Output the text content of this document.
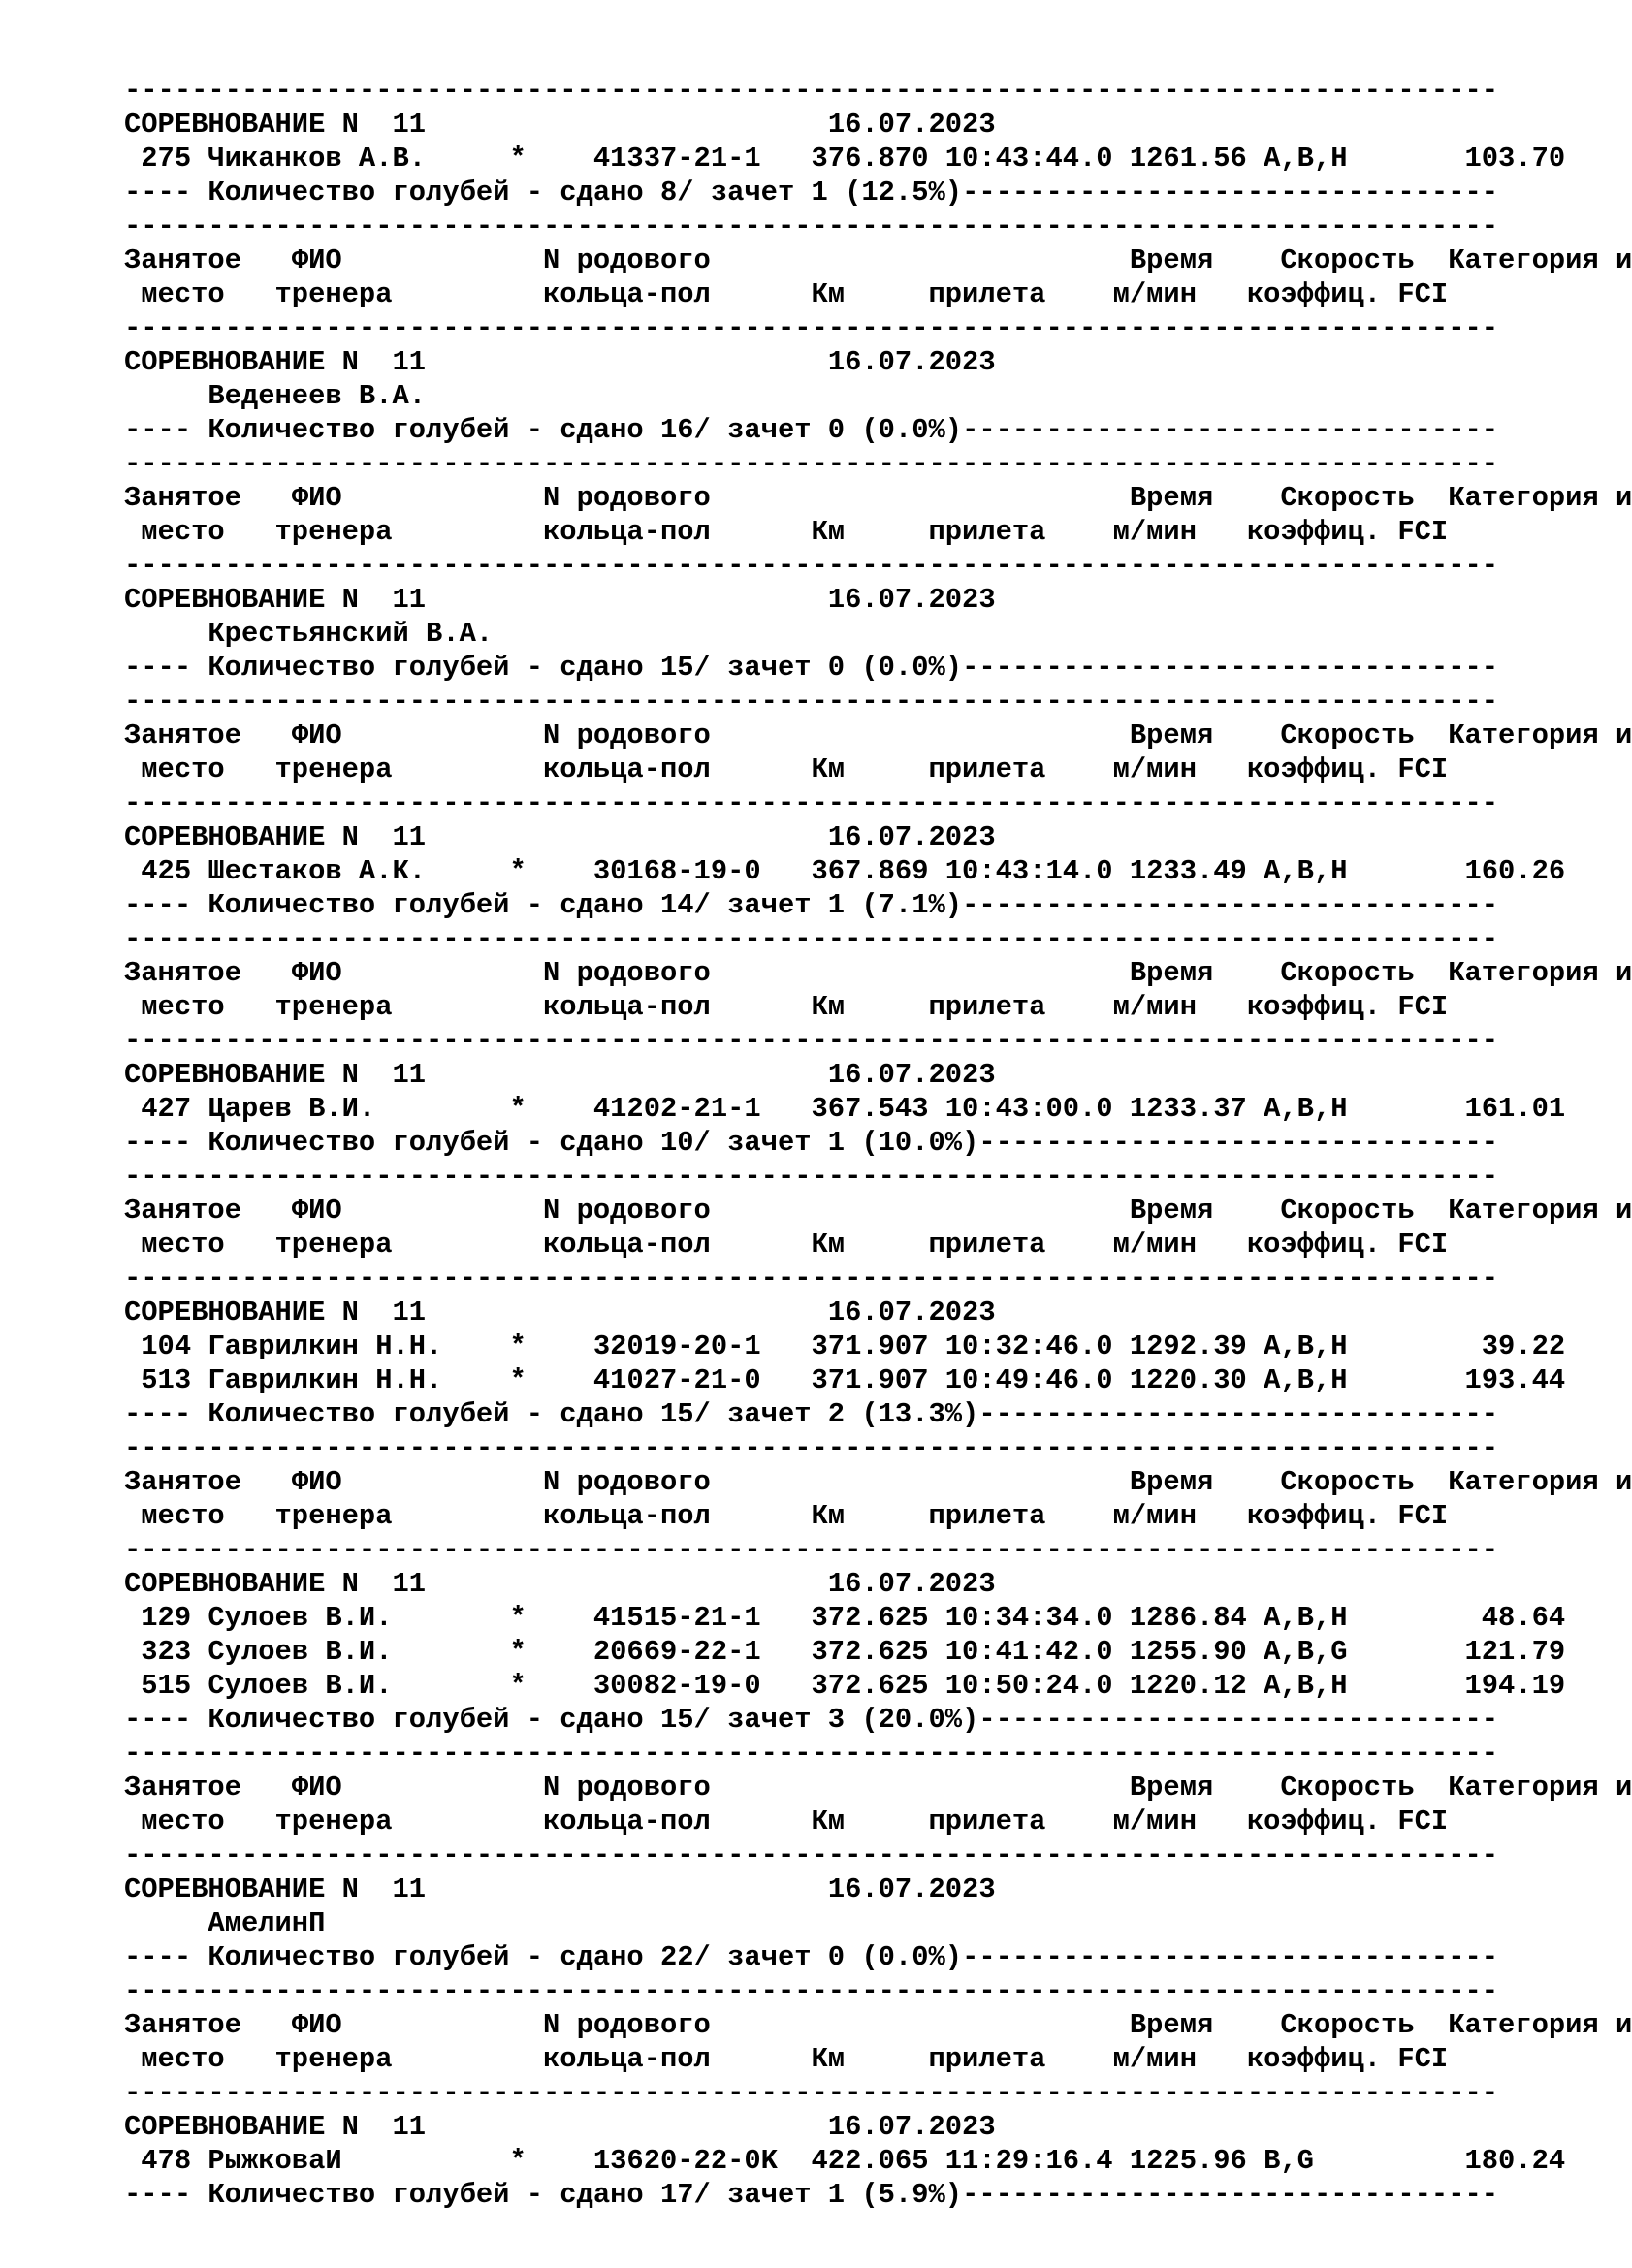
----------------------------------------------------------------------------------
СОРЕВНОВАНИЕ N  11	16.07.2023
275 Чиканков А.В.	* 41337-21-1 376.870 10:43:44.0 1261.56 A,B,H	103.70
---- Количество голубей - сдано 8/ зачет 1 (12.5%)--------------------------------
----------------------------------------------------------------------------------
Занятое ФИО	N родового	Время Скорость Категория и
место тренера	кольца-пол	Км	прилета м/мин коэффиц. FCI
----------------------------------------------------------------------------------
СОРЕВНОВАНИЕ N  11	16.07.2023
Веденеев В.А.
---- Количество голубей - сдано 16/ зачет 0 (0.0%)--------------------------------
----------------------------------------------------------------------------------
Занятое ФИО	N родового	Время Скорость Категория и
место тренера	кольца-пол	Км	прилета м/мин коэффиц. FCI
----------------------------------------------------------------------------------
СОРЕВНОВАНИЕ N  11	16.07.2023
Крестьянский В.А.
---- Количество голубей - сдано 15/ зачет 0 (0.0%)--------------------------------
----------------------------------------------------------------------------------
Занятое ФИО	N родового	Время Скорость Категория и
место тренера	кольца-пол	Км	прилета м/мин коэффиц. FCI
----------------------------------------------------------------------------------
СОРЕВНОВАНИЕ N  11	16.07.2023
425 Шестаков А.К.	* 30168-19-0 367.869 10:43:14.0 1233.49 A,B,H	160.26
---- Количество голубей - сдано 14/ зачет 1 (7.1%)--------------------------------
----------------------------------------------------------------------------------
Занятое ФИО	N родового	Время Скорость Категория и
место тренера	кольца-пол	Км	прилета м/мин коэффиц. FCI
----------------------------------------------------------------------------------
СОРЕВНОВАНИЕ N  11	16.07.2023
427 Царев В.И.	* 41202-21-1 367.543 10:43:00.0 1233.37 A,B,H	161.01
---- Количество голубей - сдано 10/ зачет 1 (10.0%)-------------------------------
----------------------------------------------------------------------------------
Занятое ФИО	N родового	Время Скорость Категория и
место тренера	кольца-пол	Км	прилета м/мин коэффиц. FCI
----------------------------------------------------------------------------------
СОРЕВНОВАНИЕ N  11	16.07.2023
104 Гаврилкин Н.Н. * 32019-20-1 371.907 10:32:46.0 1292.39 A,B,H	39.22
513 Гаврилкин Н.Н. * 41027-21-0 371.907 10:49:46.0 1220.30 A,B,H	193.44
---- Количество голубей - сдано 15/ зачет 2 (13.3%)-------------------------------
----------------------------------------------------------------------------------
Занятое ФИО	N родового	Время Скорость Категория и
место тренера	кольца-пол	Км	прилета м/мин коэффиц. FCI
----------------------------------------------------------------------------------
СОРЕВНОВАНИЕ N  11	16.07.2023
129 Сулоев В.И.	* 41515-21-1 372.625 10:34:34.0 1286.84 A,B,H	48.64
323 Сулоев В.И.	* 20669-22-1 372.625 10:41:42.0 1255.90 A,B,G	121.79
515 Сулоев В.И.	* 30082-19-0 372.625 10:50:24.0 1220.12 A,B,H	194.19
---- Количество голубей - сдано 15/ зачет 3 (20.0%)-------------------------------
----------------------------------------------------------------------------------
Занятое ФИО	N родового	Время Скорость Категория и
место тренера	кольца-пол	Км	прилета м/мин коэффиц. FCI
----------------------------------------------------------------------------------
СОРЕВНОВАНИЕ N  11	16.07.2023
АмелинП
---- Количество голубей - сдано 22/ зачет 0 (0.0%)--------------------------------
----------------------------------------------------------------------------------
Занятое ФИО	N родового	Время Скорость Категория и
место тренера	кольца-пол	Км	прилета м/мин коэффиц. FCI
----------------------------------------------------------------------------------
СОРЕВНОВАНИЕ N  11	16.07.2023
478 РыжковаИ	* 13620-22-0K 422.065 11:29:16.4 1225.96 B,G	180.24
---- Количество голубей - сдано 17/ зачет 1 (5.9%)--------------------------------
